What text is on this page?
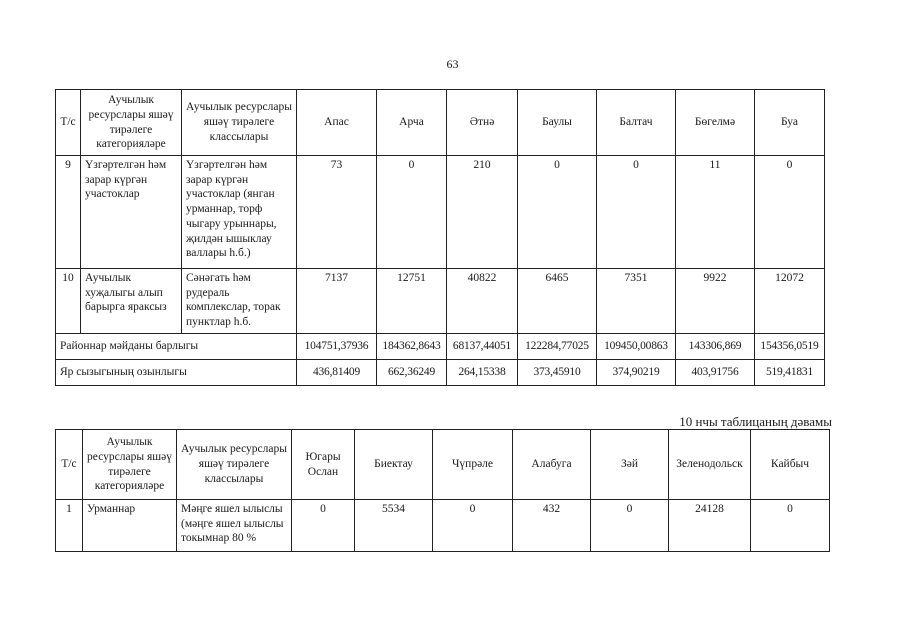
63
Т/с	Аучылык ресурслары яшәү тирәлеге категорияләре	Аучылык ресурслары яшәү тирәлеге классылары	Апас	Арча	Әтнә	Баулы	Балтач	Бөгелмә	Буа
9	Үзгәртелгән һәм зарар күргән участоклар	Үзгәртелгән һәм зарар күргән участоклар (янган урманнар, торф чыгару урыннары, җилдән ышыклау валлары h.б.)	73	0	210	0	0	11	0
10	Аучылык хуҗалыгы алып барырга яраксыз	Сәнәгать һәм рудераль комплекслар, торак пунктлар h.б.	7137	12751	40822	6465	7351	9922	12072
Районнар мәйданы барлыгы			104751,37936	184362,8643	68137,44051	122284,77025	109450,00863	143306,869	154356,0519
Яр сызыгының озынлыгы			436,81409	662,36249	264,15338	373,45910	374,90219	403,91756	519,41831
10 нчы таблицаның дәвамы
Т/с	Аучылык ресурслары яшәү тирәлеге категорияләре	Аучылык ресурслары яшәү тирәлеге классылары	Югары Ослан	Биектау	Чүпрәле	Алабуга	Зәй	Зеленодольск	Кайбыч
1	Урманнар	Мәңге яшел ылыслы (мәңге яшел ылыслы токымнар 80 %	0	5534	0	432	0	24128	0
